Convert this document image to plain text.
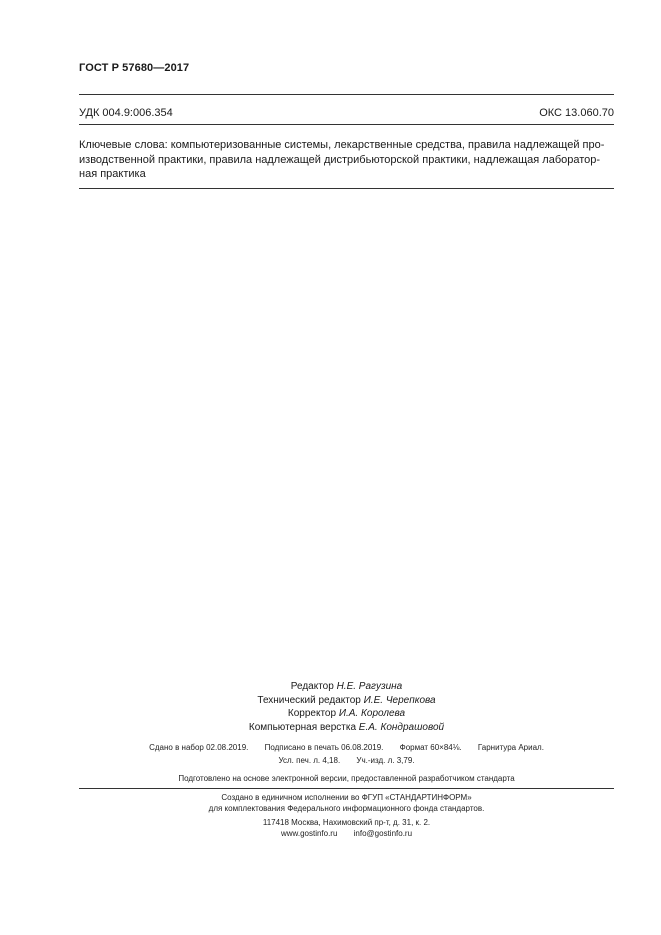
ГОСТ Р 57680—2017
УДК 004.9:006.354	ОКС 13.060.70
Ключевые слова: компьютеризованные системы, лекарственные средства, правила надлежащей про-
изводственной практики, правила надлежащей дистрибьюторской практики, надлежащая лаборатор-
ная практика
Редактор Н.Е. Рагузина
Технический редактор И.Е. Черепкова
Корректор И.А. Королева
Компьютерная верстка Е.А. Кондрашовой
Сдано в набор 02.08.2019. Подписано в печать 06.08.2019. Формат 60×84⅛. Гарнитура Ариал.
Усл. печ. л. 4,18. Уч.-изд. л. 3,79.
Подготовлено на основе электронной версии, предоставленной разработчиком стандарта
Создано в единичном исполнении во ФГУП «СТАНДАРТИНФОРМ»
для комплектования Федерального информационного фонда стандартов.
117418 Москва, Нахимовский пр-т, д. 31, к. 2.
www.gostinfo.ru info@gostinfo.ru
